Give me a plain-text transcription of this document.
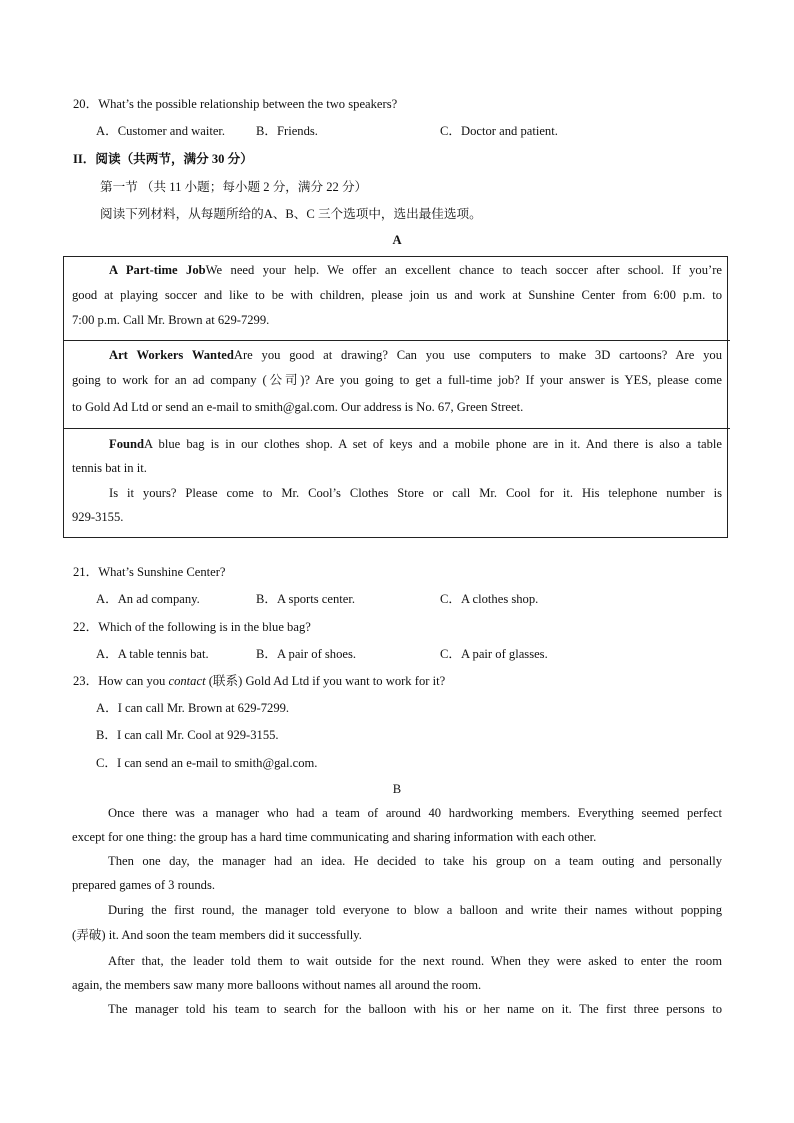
20．What’s the possible relationship between the two speakers?
A．Customer and waiter. B．Friends.	C．Doctor and patient.
II．阅读（共两节，满分 30 分）
第一节 （共 11 小题；每小题 2 分，满分 22 分）
阅读下列材料，从每题所给的A、B、C 三个选项中，选出最佳选项。
A
A Part-time JobWe need your help. We offer an excellent chance to teach soccer after school. If you’re
good at playing soccer and like to be with children, please join us and work at Sunshine Center from 6:00 p.m. to
7:00 p.m. Call Mr. Brown at 629-7299.
Art Workers WantedAre you good at drawing? Can you use computers to make 3D cartoons? Are you
going to work for an ad company (公司)? Are you going to get a full-time job? If your answer is YES, please come
to Gold Ad Ltd or send an e-mail to smith@gal.com. Our address is No. 67, Green Street.
FoundA blue bag is in our clothes shop. A set of keys and a mobile phone are in it. And there is also a table
tennis bat in it.
Is it yours? Please come to Mr. Cool’s Clothes Store or call Mr. Cool for it. His telephone number is
929-3155.
21．What’s Sunshine Center?
A．An ad company.	B．A sports center.	C．A clothes shop.
22．Which of the following is in the blue bag?
A．A table tennis bat.	B．A pair of shoes.	C．A pair of glasses.
23．How can you contact (联系) Gold Ad Ltd if you want to work for it?
A．I can call Mr. Brown at 629-7299.
B．I can call Mr. Cool at 929-3155.
C．I can send an e-mail to smith@gal.com.
B
Once there was a manager who had a team of around 40 hardworking members. Everything seemed perfect
except for one thing: the group has a hard time communicating and sharing information with each other.
Then one day, the manager had an idea. He decided to take his group on a team outing and personally
prepared games of 3 rounds.
During the first round, the manager told everyone to blow a balloon and write their names without popping
(弄破) it. And soon the team members did it successfully.
After that, the leader told them to wait outside for the next round. When they were asked to enter the room
again, the members saw many more balloons without names all around the room.
The manager told his team to search for the balloon with his or her name on it. The first three persons to
